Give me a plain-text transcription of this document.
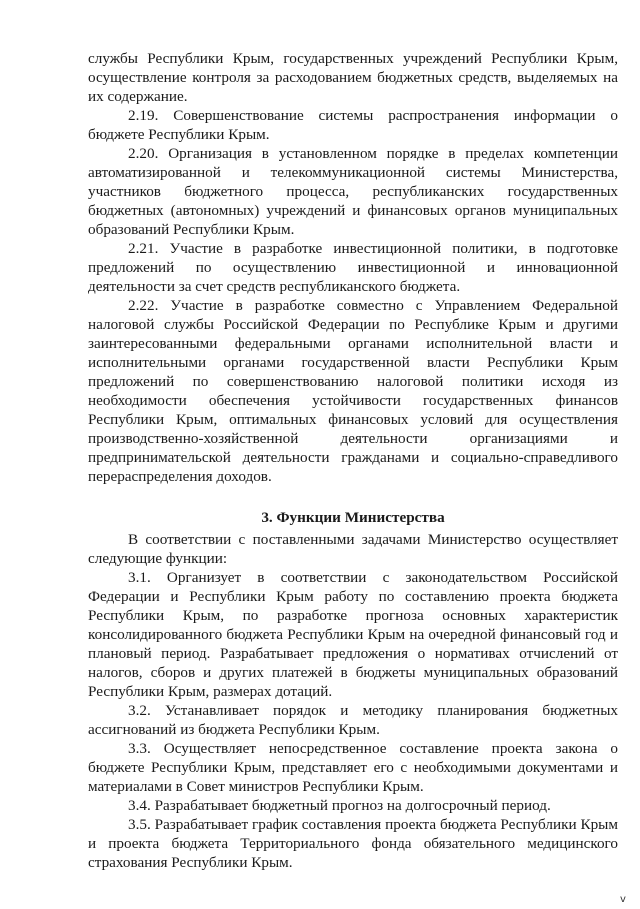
службы Республики Крым, государственных учреждений Республики Крым, осуществление контроля за расходованием бюджетных средств, выделяемых на их содержание.

2.19. Совершенствование системы распространения информации о бюджете Республики Крым.

2.20. Организация в установленном порядке в пределах компетенции автоматизированной и телекоммуникационной системы Министерства, участников бюджетного процесса, республиканских государственных бюджетных (автономных) учреждений и финансовых органов муниципальных образований Республики Крым.

2.21. Участие в разработке инвестиционной политики, в подготовке предложений по осуществлению инвестиционной и инновационной деятельности за счет средств республиканского бюджета.

2.22. Участие в разработке совместно с Управлением Федеральной налоговой службы Российской Федерации по Республике Крым и другими заинтересованными федеральными органами исполнительной власти и исполнительными органами государственной власти Республики Крым предложений по совершенствованию налоговой политики исходя из необходимости обеспечения устойчивости государственных финансов Республики Крым, оптимальных финансовых условий для осуществления производственно-хозяйственной деятельности организациями и предпринимательской деятельности гражданами и социально-справедливого перераспределения доходов.

3. Функции Министерства

В соответствии с поставленными задачами Министерство осуществляет следующие функции:

3.1. Организует в соответствии с законодательством Российской Федерации и Республики Крым работу по составлению проекта бюджета Республики Крым, по разработке прогноза основных характеристик консолидированного бюджета Республики Крым на очередной финансовый год и плановый период. Разрабатывает предложения о нормативах отчислений от налогов, сборов и других платежей в бюджеты муниципальных образований Республики Крым, размерах дотаций.

3.2. Устанавливает порядок и методику планирования бюджетных ассигнований из бюджета Республики Крым.

3.3. Осуществляет непосредственное составление проекта закона о бюджете Республики Крым, представляет его с необходимыми документами и материалами в Совет министров Республики Крым.

3.4. Разрабатывает бюджетный прогноз на долгосрочный период.

3.5. Разрабатывает график составления проекта бюджета Республики Крым и проекта бюджета Территориального фонда обязательного медицинского страхования Республики Крым.

v
